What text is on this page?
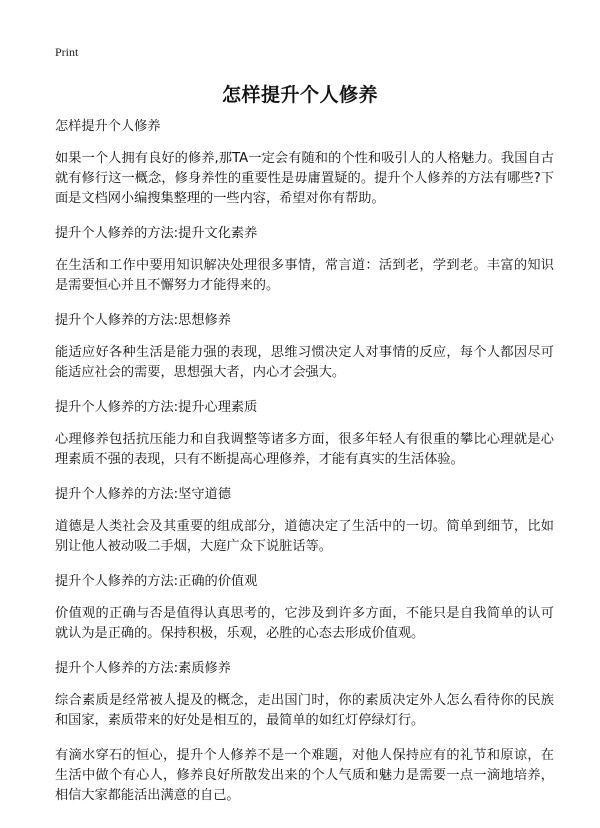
Print
怎样提升个人修养

怎样提升个人修养

如果一个人拥有良好的修养,那TA一定会有随和的个性和吸引人的人格魅力。我国自古就有修行这一概念，修身养性的重要性是毋庸置疑的。提升个人修养的方法有哪些?下面是文档网小编搜集整理的一些内容，希望对你有帮助。

提升个人修养的方法:提升文化素养

在生活和工作中要用知识解决处理很多事情，常言道：活到老，学到老。丰富的知识是需要恒心并且不懈努力才能得来的。

提升个人修养的方法:思想修养

能适应好各种生活是能力强的表现，思维习惯决定人对事情的反应，每个人都因尽可能适应社会的需要，思想强大者，内心才会强大。

提升个人修养的方法:提升心理素质

心理修养包括抗压能力和自我调整等诸多方面，很多年轻人有很重的攀比心理就是心理素质不强的表现，只有不断提高心理修养，才能有真实的生活体验。

提升个人修养的方法:坚守道德

道德是人类社会及其重要的组成部分，道德决定了生活中的一切。简单到细节，比如别让他人被动吸二手烟，大庭广众下说脏话等。

提升个人修养的方法:正确的价值观

价值观的正确与否是值得认真思考的，它涉及到许多方面，不能只是自我简单的认可就认为是正确的。保持积极，乐观，必胜的心态去形成价值观。

提升个人修养的方法:素质修养

综合素质是经常被人提及的概念，走出国门时，你的素质决定外人怎么看待你的民族和国家，素质带来的好处是相互的，最简单的如红灯停绿灯行。

有滴水穿石的恒心，提升个人修养不是一个难题，对他人保持应有的礼节和原谅，在生活中做个有心人，修养良好所散发出来的个人气质和魅力是需要一点一滴地培养，相信大家都能活出满意的自己。
